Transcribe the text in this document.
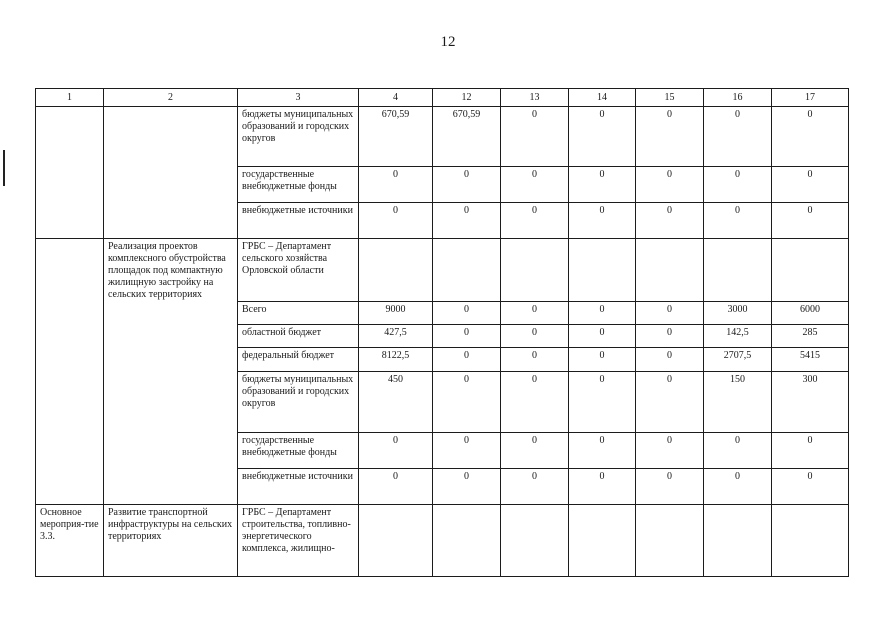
12
1	2	3	4	12	13	14	15	16	17
		бюджеты муниципальных образований и городских округов	670,59	670,59	0	0	0	0	0
		государственные внебюджетные фонды	0	0	0	0	0	0	0
		внебюджетные источники	0	0	0	0	0	0	0
	Реализация проектов комплексного обустройства площадок под компактную жилищную застройку на сельских территориях	ГРБС – Департамент сельского хозяйства Орловской области							
		Всего	9000	0	0	0	0	3000	6000
		областной бюджет	427,5	0	0	0	0	142,5	285
		федеральный бюджет	8122,5	0	0	0	0	2707,5	5415
		бюджеты муниципальных образований и городских округов	450	0	0	0	0	150	300
		государственные внебюджетные фонды	0	0	0	0	0	0	0
		внебюджетные источники	0	0	0	0	0	0	0
Основное мероприя-тие 3.3.	Развитие транспортной инфраструктуры на сельских территориях	ГРБС – Департамент строительства, топливно-энергетического комплекса, жилищно-							
